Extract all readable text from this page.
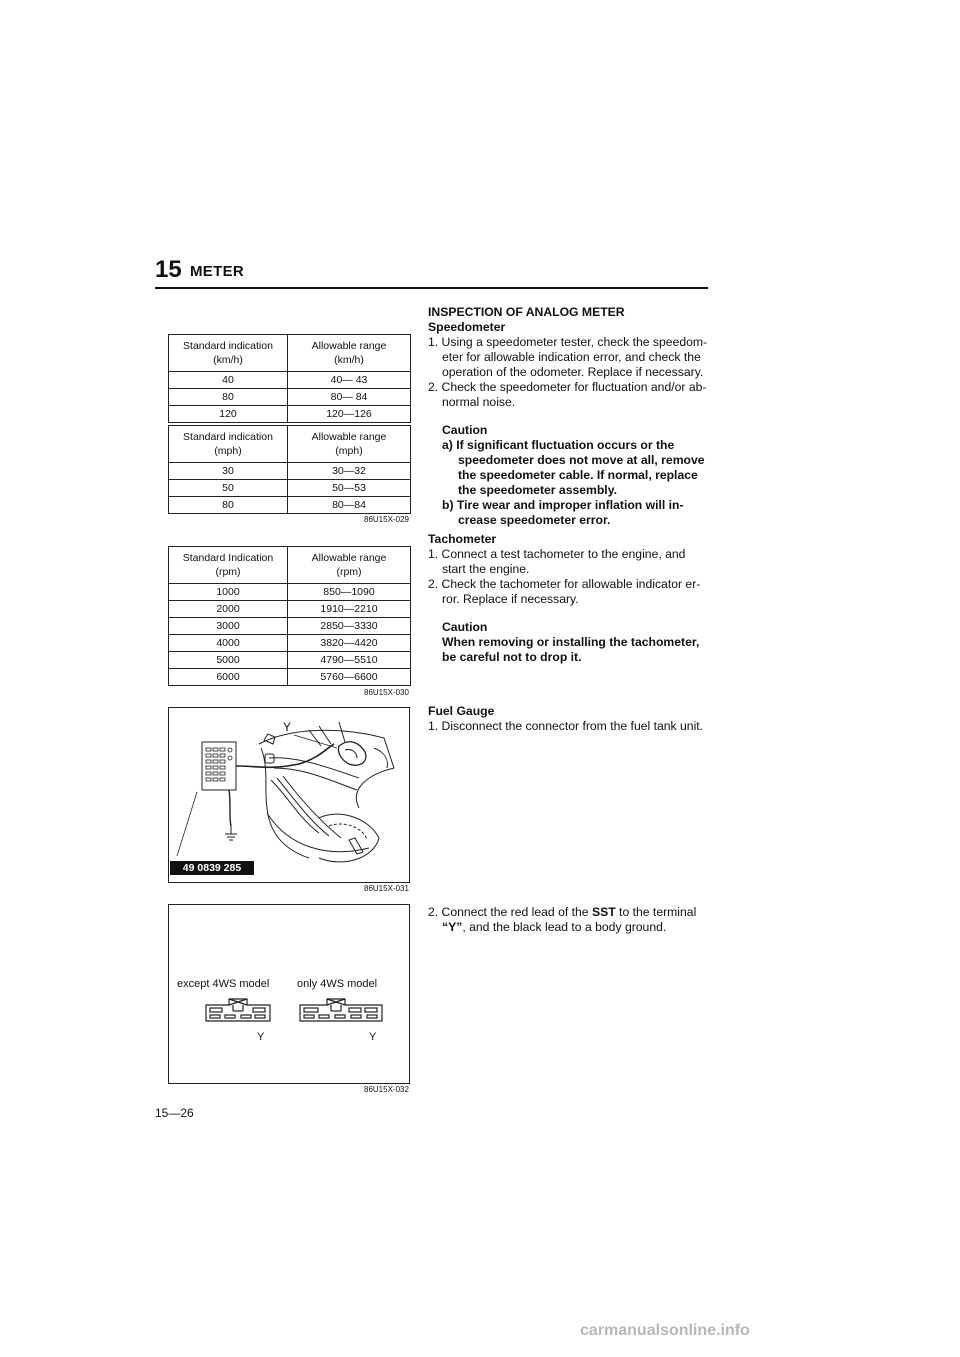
15 METER
Standard indication
(km/h)	Allowable range
(km/h)
40	40— 43
80	80— 84
120	120—126
Standard indication
(mph)	Allowable range
(mph)
30	30—32
50	50—53
80	80—84
86U15X-029
Standard Indication
(rpm)	Allowable range
(rpm)
1000	850—1090
2000	1910—2210
3000	2850—3330
4000	3820—4420
5000	4790—5510
6000	5760—6600
86U15X-030
Y
49 0839 285
86U15X-031
except 4WS model	only 4WS model
Y	Y
86U15X-032
INSPECTION OF ANALOG METER
Speedometer

1. Using a speedometer tester, check the speedom-eter for allowable indication error, and check the operation of the odometer. Replace if necessary.

2. Check the speedometer for fluctuation and/or ab-normal noise.

Caution
a) If significant fluctuation occurs or the speedometer does not move at all, remove the speedometer cable. If normal, replace the speedometer assembly.
b) Tire wear and improper inflation will in-crease speedometer error.
Tachometer

1. Connect a test tachometer to the engine, and start the engine.

2. Check the tachometer for allowable indicator er-ror. Replace if necessary.

Caution
When removing or installing the tachometer, be careful not to drop it.
Fuel Gauge

1. Disconnect the connector from the fuel tank unit.

2. Connect the red lead of the SST to the terminal “Y”, and the black lead to a body ground.

15—26
carmanualsonline.info
